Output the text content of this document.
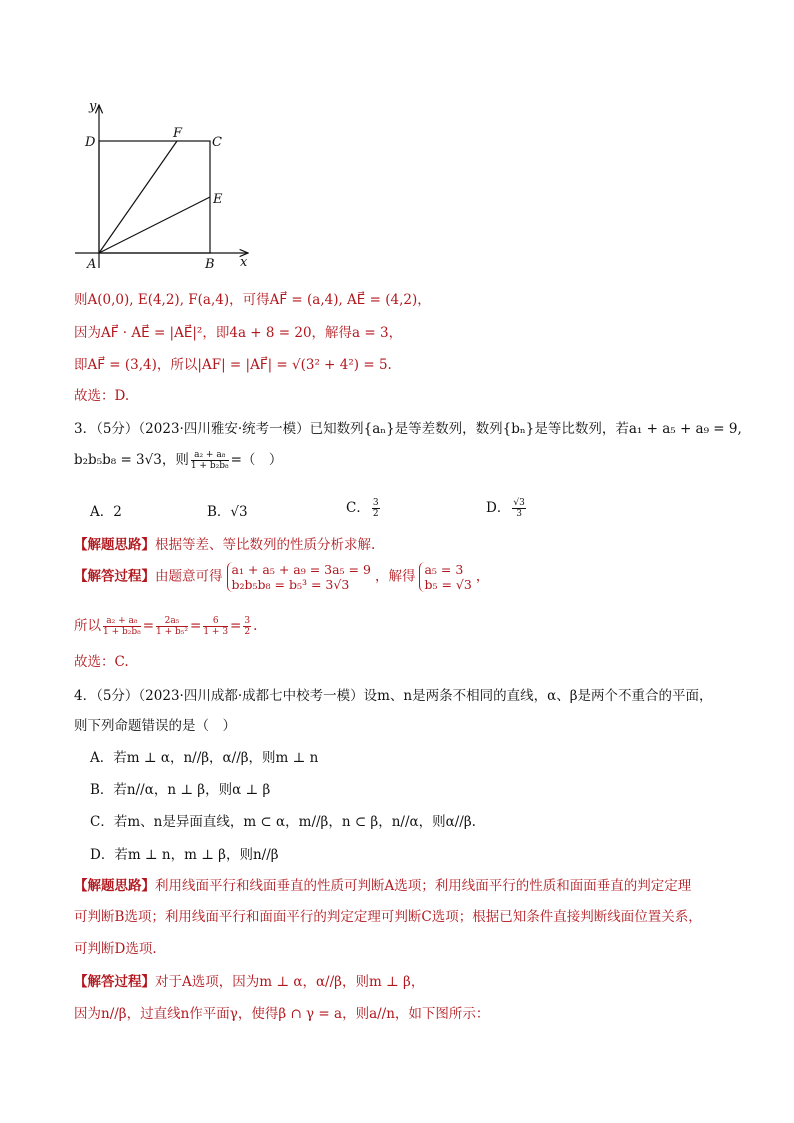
y
x
D
F
C
E
A	B
则A(0,0), E(4,2), F(a,4)，可得AF⃗ = (a,4), AE⃗ = (4,2)，
因为AF⃗ · AE⃗ = |AE⃗|²，即4a + 8 = 20，解得a = 3，
即AF⃗ = (3,4)，所以|AF| = |AF⃗| = √(3² + 4²) = 5.
故选：D.
3．（5分）（2023·四川雅安·统考一模）已知数列{aₙ}是等差数列，数列{bₙ}是等比数列，若a₁ + a₅ + a₉ = 9,
b₂b₅b₈ = 3√3，则 $\frac{\text{a₂ + a₈}}{\text{1 + b₂b₈}}$ =（　）
A．2	B．√3	C． $\frac{3}{2}$	D． $\frac{√3}{3}$
【解题思路】根据等差、等比数列的性质分析求解.
【解答过程】由题意可得 a₁ + a₅ + a₉ = 3a₅ = 9
b₂b₅b₈ = b₅³ = 3√3	，解得 a₅ = 3
b₅ = √3 ，
所以 $\frac{\text{a₂ + a₈}}{\text{1 + b₂b₈}} = \frac{\text{2a₅}}{\text{1 + b₅²}} = \frac{6}{1 + 3} = \frac{3}{2}$ .
故选：C.
4．（5分）（2023·四川成都·成都七中校考一模）设m、n是两条不相同的直线，α、β是两个不重合的平面，
则下列命题错误的是（　）
A．若m ⊥ α，n//β，α//β，则m ⊥ n
B．若n//α，n ⊥ β，则α ⊥ β
C．若m、n是异面直线，m ⊂ α，m//β，n ⊂ β，n//α，则α//β.
D．若m ⊥ n，m ⊥ β，则n//β
【解题思路】利用线面平行和线面垂直的性质可判断A选项；利用线面平行的性质和面面垂直的判定定理
可判断B选项；利用线面平行和面面平行的判定定理可判断C选项；根据已知条件直接判断线面位置关系，
可判断D选项.
【解答过程】对于A选项，因为m ⊥ α，α//β，则m ⊥ β，
因为n//β，过直线n作平面γ，使得β ∩ γ = a，则a//n，如下图所示：
